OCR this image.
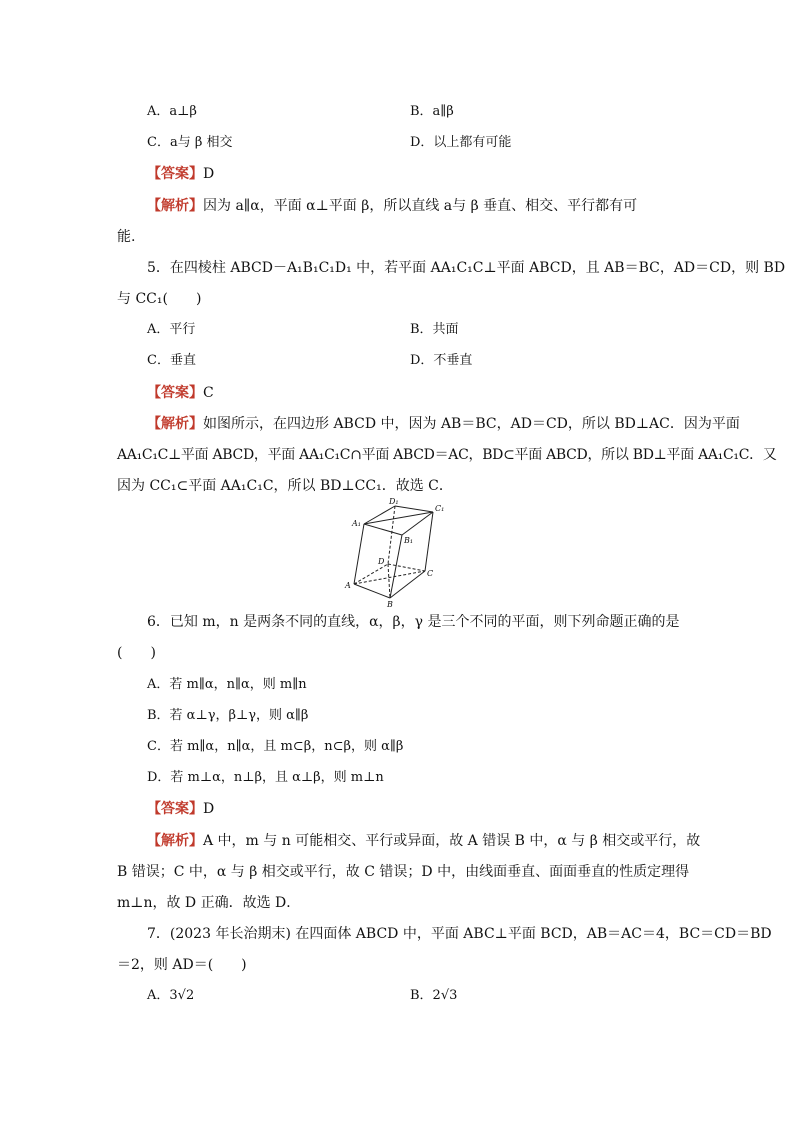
A．a⊥β	B．a∥β
C．a与 β 相交	D．以上都有可能
【答案】D
【解析】因为 a∥α，平面 α⊥平面 β，所以直线 a与 β 垂直、相交、平行都有可
能.
5．在四棱柱 ABCD－A₁B₁C₁D₁ 中，若平面 AA₁C₁C⊥平面 ABCD，且 AB＝BC，AD＝CD，则 BD
与 CC₁(　　)
A．平行	B．共面
C．垂直	D．不垂直
【答案】C
【解析】如图所示，在四边形 ABCD 中，因为 AB＝BC，AD＝CD，所以 BD⊥AC．因为平面
AA₁C₁C⊥平面 ABCD，平面 AA₁C₁C∩平面 ABCD＝AC，BD⊂平面 ABCD，所以 BD⊥平面 AA₁C₁C．又
因为 CC₁⊂平面 AA₁C₁C，所以 BD⊥CC₁．故选 C．
D₁
C₁
A₁
B₁
D
C
A
B
6．已知 m，n 是两条不同的直线，α，β，γ 是三个不同的平面，则下列命题正确的是
(　　)
A．若 m∥α，n∥α，则 m∥n
B．若 α⊥γ，β⊥γ，则 α∥β
C．若 m∥α，n∥α，且 m⊂β，n⊂β，则 α∥β
D．若 m⊥α，n⊥β，且 α⊥β，则 m⊥n
【答案】D
【解析】A 中，m 与 n 可能相交、平行或异面，故 A 错误 B 中，α 与 β 相交或平行，故
B 错误；C 中，α 与 β 相交或平行，故 C 错误；D 中，由线面垂直、面面垂直的性质定理得
m⊥n，故 D 正确．故选 D．
7．(2023 年长治期末) 在四面体 ABCD 中，平面 ABC⊥平面 BCD，AB＝AC＝4，BC＝CD＝BD
＝2，则 AD＝(　　)
A．3√2	B．2√3
